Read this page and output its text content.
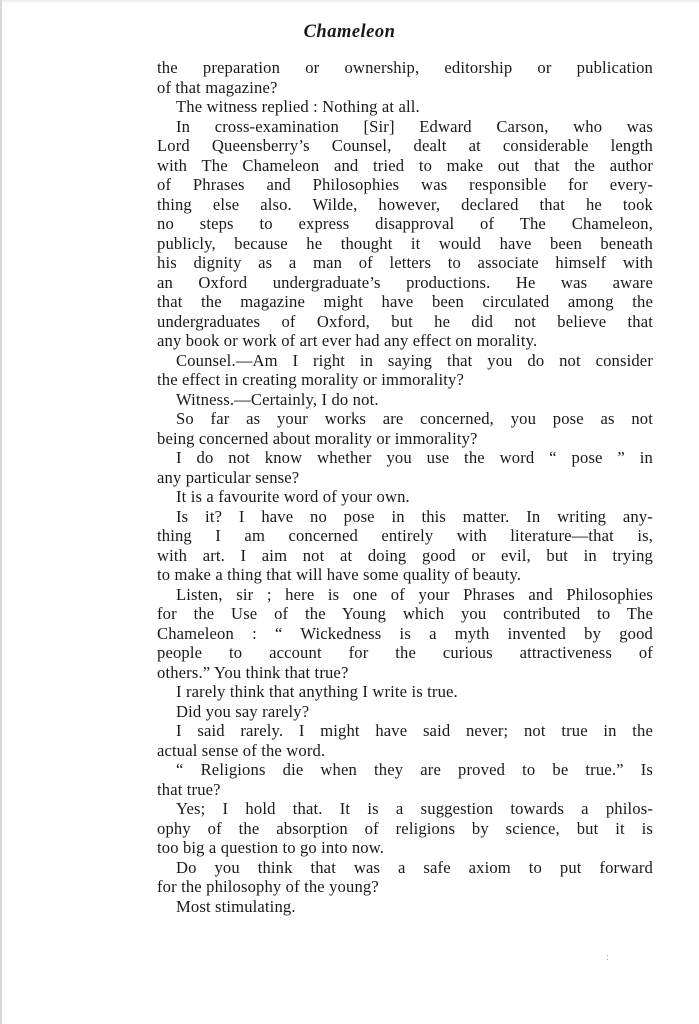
Chameleon
the preparation or ownership, editorship or publication
of that magazine?
The witness replied : Nothing at all.
In cross-examination [Sir] Edward Carson, who was
Lord Queensberry’s Counsel, dealt at considerable length
with The Chameleon and tried to make out that the author
of Phrases and Philosophies was responsible for every-
thing else also. Wilde, however, declared that he took
no steps to express disapproval of The Chameleon,
publicly, because he thought it would have been beneath
his dignity as a man of letters to associate himself with
an Oxford undergraduate’s productions. He was aware
that the magazine might have been circulated among the
undergraduates of Oxford, but he did not believe that
any book or work of art ever had any effect on morality.
Counsel.—Am I right in saying that you do not consider
the effect in creating morality or immorality?
Witness.—Certainly, I do not.
So far as your works are concerned, you pose as not
being concerned about morality or immorality?
I do not know whether you use the word “ pose ” in
any particular sense?
It is a favourite word of your own.
Is it? I have no pose in this matter. In writing any-
thing I am concerned entirely with literature—that is,
with art. I aim not at doing good or evil, but in trying
to make a thing that will have some quality of beauty.
Listen, sir ; here is one of your Phrases and Philosophies
for the Use of the Young which you contributed to The
Chameleon : “ Wickedness is a myth invented by good
people to account for the curious attractiveness of
others.” You think that true?
I rarely think that anything I write is true.
Did you say rarely?
I said rarely. I might have said never; not true in the
actual sense of the word.
“ Religions die when they are proved to be true.” Is
that true?
Yes; I hold that. It is a suggestion towards a philos-
ophy of the absorption of religions by science, but it is
too big a question to go into now.
Do you think that was a safe axiom to put forward
for the philosophy of the young?
Most stimulating.
:
